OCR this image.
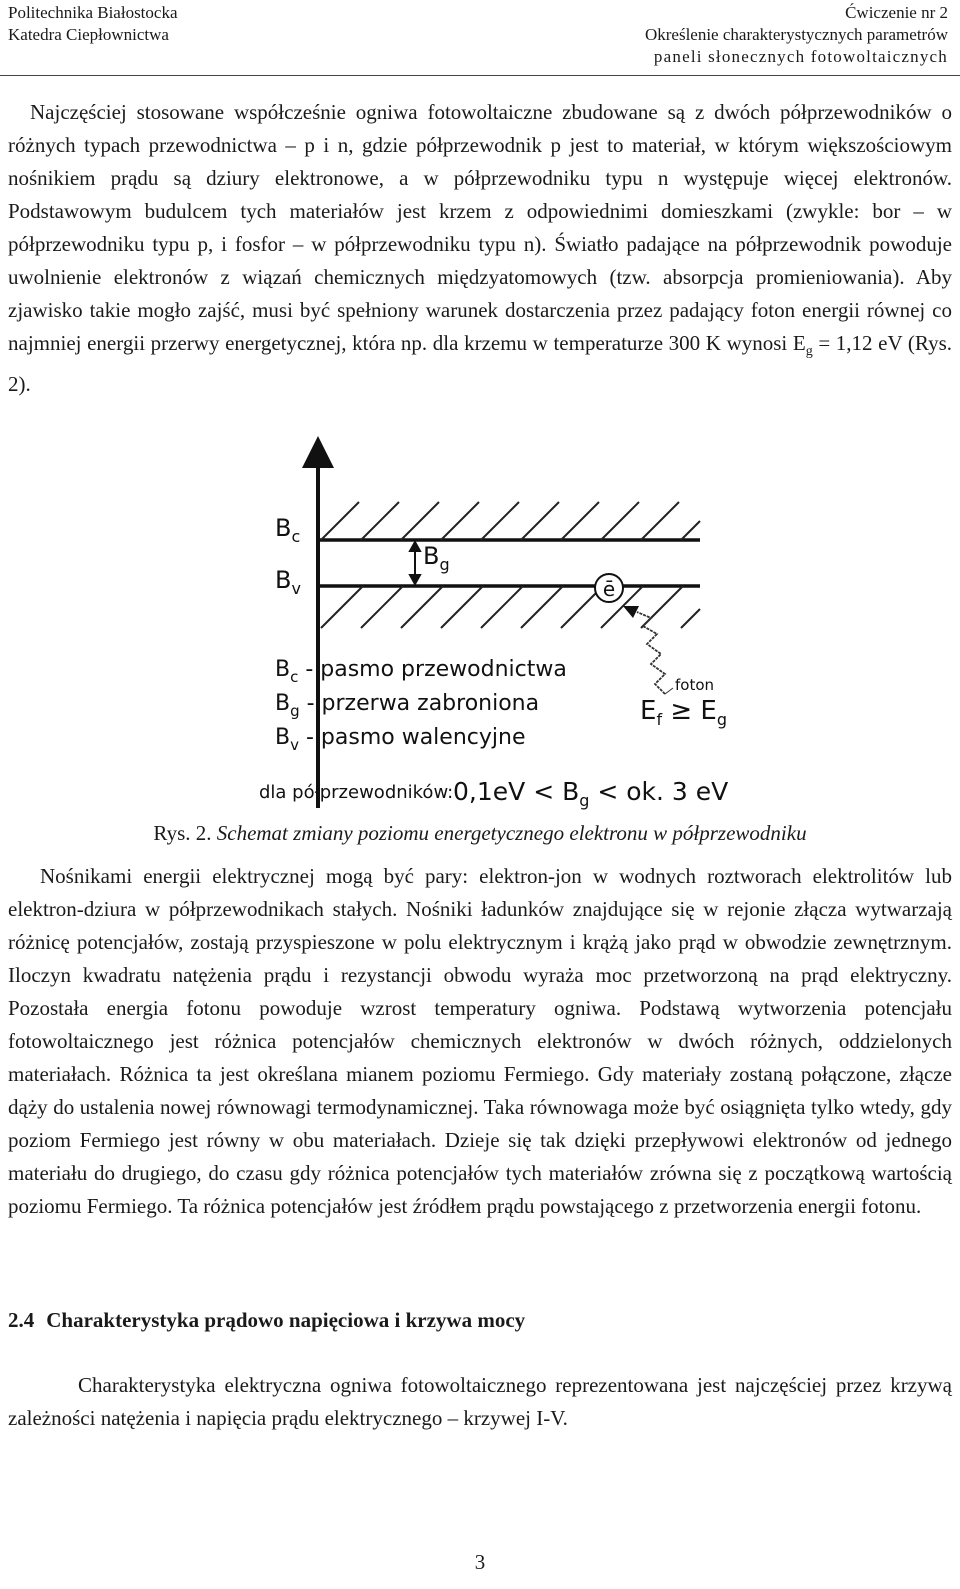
Politechnika Białostocka
Katedra Ciepłownictwa
Ćwiczenie nr 2
Określenie charakterystycznych parametrów
paneli słonecznych fotowoltaicznych

Najczęściej stosowane współcześnie ogniwa fotowoltaiczne zbudowane są z dwóch półprzewodników o różnych typach przewodnictwa – p i n, gdzie półprzewodnik p jest to materiał, w którym większościowym nośnikiem prądu są dziury elektronowe, a w półprzewodniku typu n występuje więcej elektronów. Podstawowym budulcem tych materiałów jest krzem z odpowiednimi domieszkami (zwykle: bor – w półprzewodniku typu p, i fosfor – w półprzewodniku typu n). Światło padające na półprzewodnik powoduje uwolnienie elektronów z wiązań chemicznych międzyatomowych (tzw. absorpcja promieniowania). Aby zjawisko takie mogło zajść, musi być spełniony warunek dostarczenia przez padający foton energii równej co najmniej energii przerwy energetycznej, która np. dla krzemu w temperaturze 300 K wynosi $E_g = 1,12$ eV (Rys. 2).

$B_c$
$B_v$
$B_g$
ē
foton
$E_f \ge E_g$
$B_c$ - pasmo przewodnictwa
$B_g$ - przerwa zabroniona
$B_v$ - pasmo walencyjne
dla półprzewodników: $0,1eV < B_g$ < ok. 3 eV
Rys. 2. Schemat zmiany poziomu energetycznego elektronu w półprzewodniku

Nośnikami energii elektrycznej mogą być pary: elektron-jon w wodnych roztworach elektrolitów lub elektron-dziura w półprzewodnikach stałych. Nośniki ładunków znajdujące się w rejonie złącza wytwarzają różnicę potencjałów, zostają przyspieszone w polu elektrycznym i krążą jako prąd w obwodzie zewnętrznym. Iloczyn kwadratu natężenia prądu i rezystancji obwodu wyraża moc przetworzoną na prąd elektryczny. Pozostała energia fotonu powoduje wzrost temperatury ogniwa. Podstawą wytworzenia potencjału fotowoltaicznego jest różnica potencjałów chemicznych elektronów w dwóch różnych, oddzielonych materiałach. Różnica ta jest określana mianem poziomu Fermiego. Gdy materiały zostaną połączone, złącze dąży do ustalenia nowej równowagi termodynamicznej. Taka równowaga może być osiągnięta tylko wtedy, gdy poziom Fermiego jest równy w obu materiałach. Dzieje się tak dzięki przepływowi elektronów od jednego materiału do drugiego, do czasu gdy różnica potencjałów tych materiałów zrówna się z początkową wartością poziomu Fermiego. Ta różnica potencjałów jest źródłem prądu powstającego z przetworzenia energii fotonu.

2.4 Charakterystyka prądowo napięciowa i krzywa mocy

Charakterystyka elektryczna ogniwa fotowoltaicznego reprezentowana jest najczęściej przez krzywą zależności natężenia i napięcia prądu elektrycznego – krzywej I-V.

3
